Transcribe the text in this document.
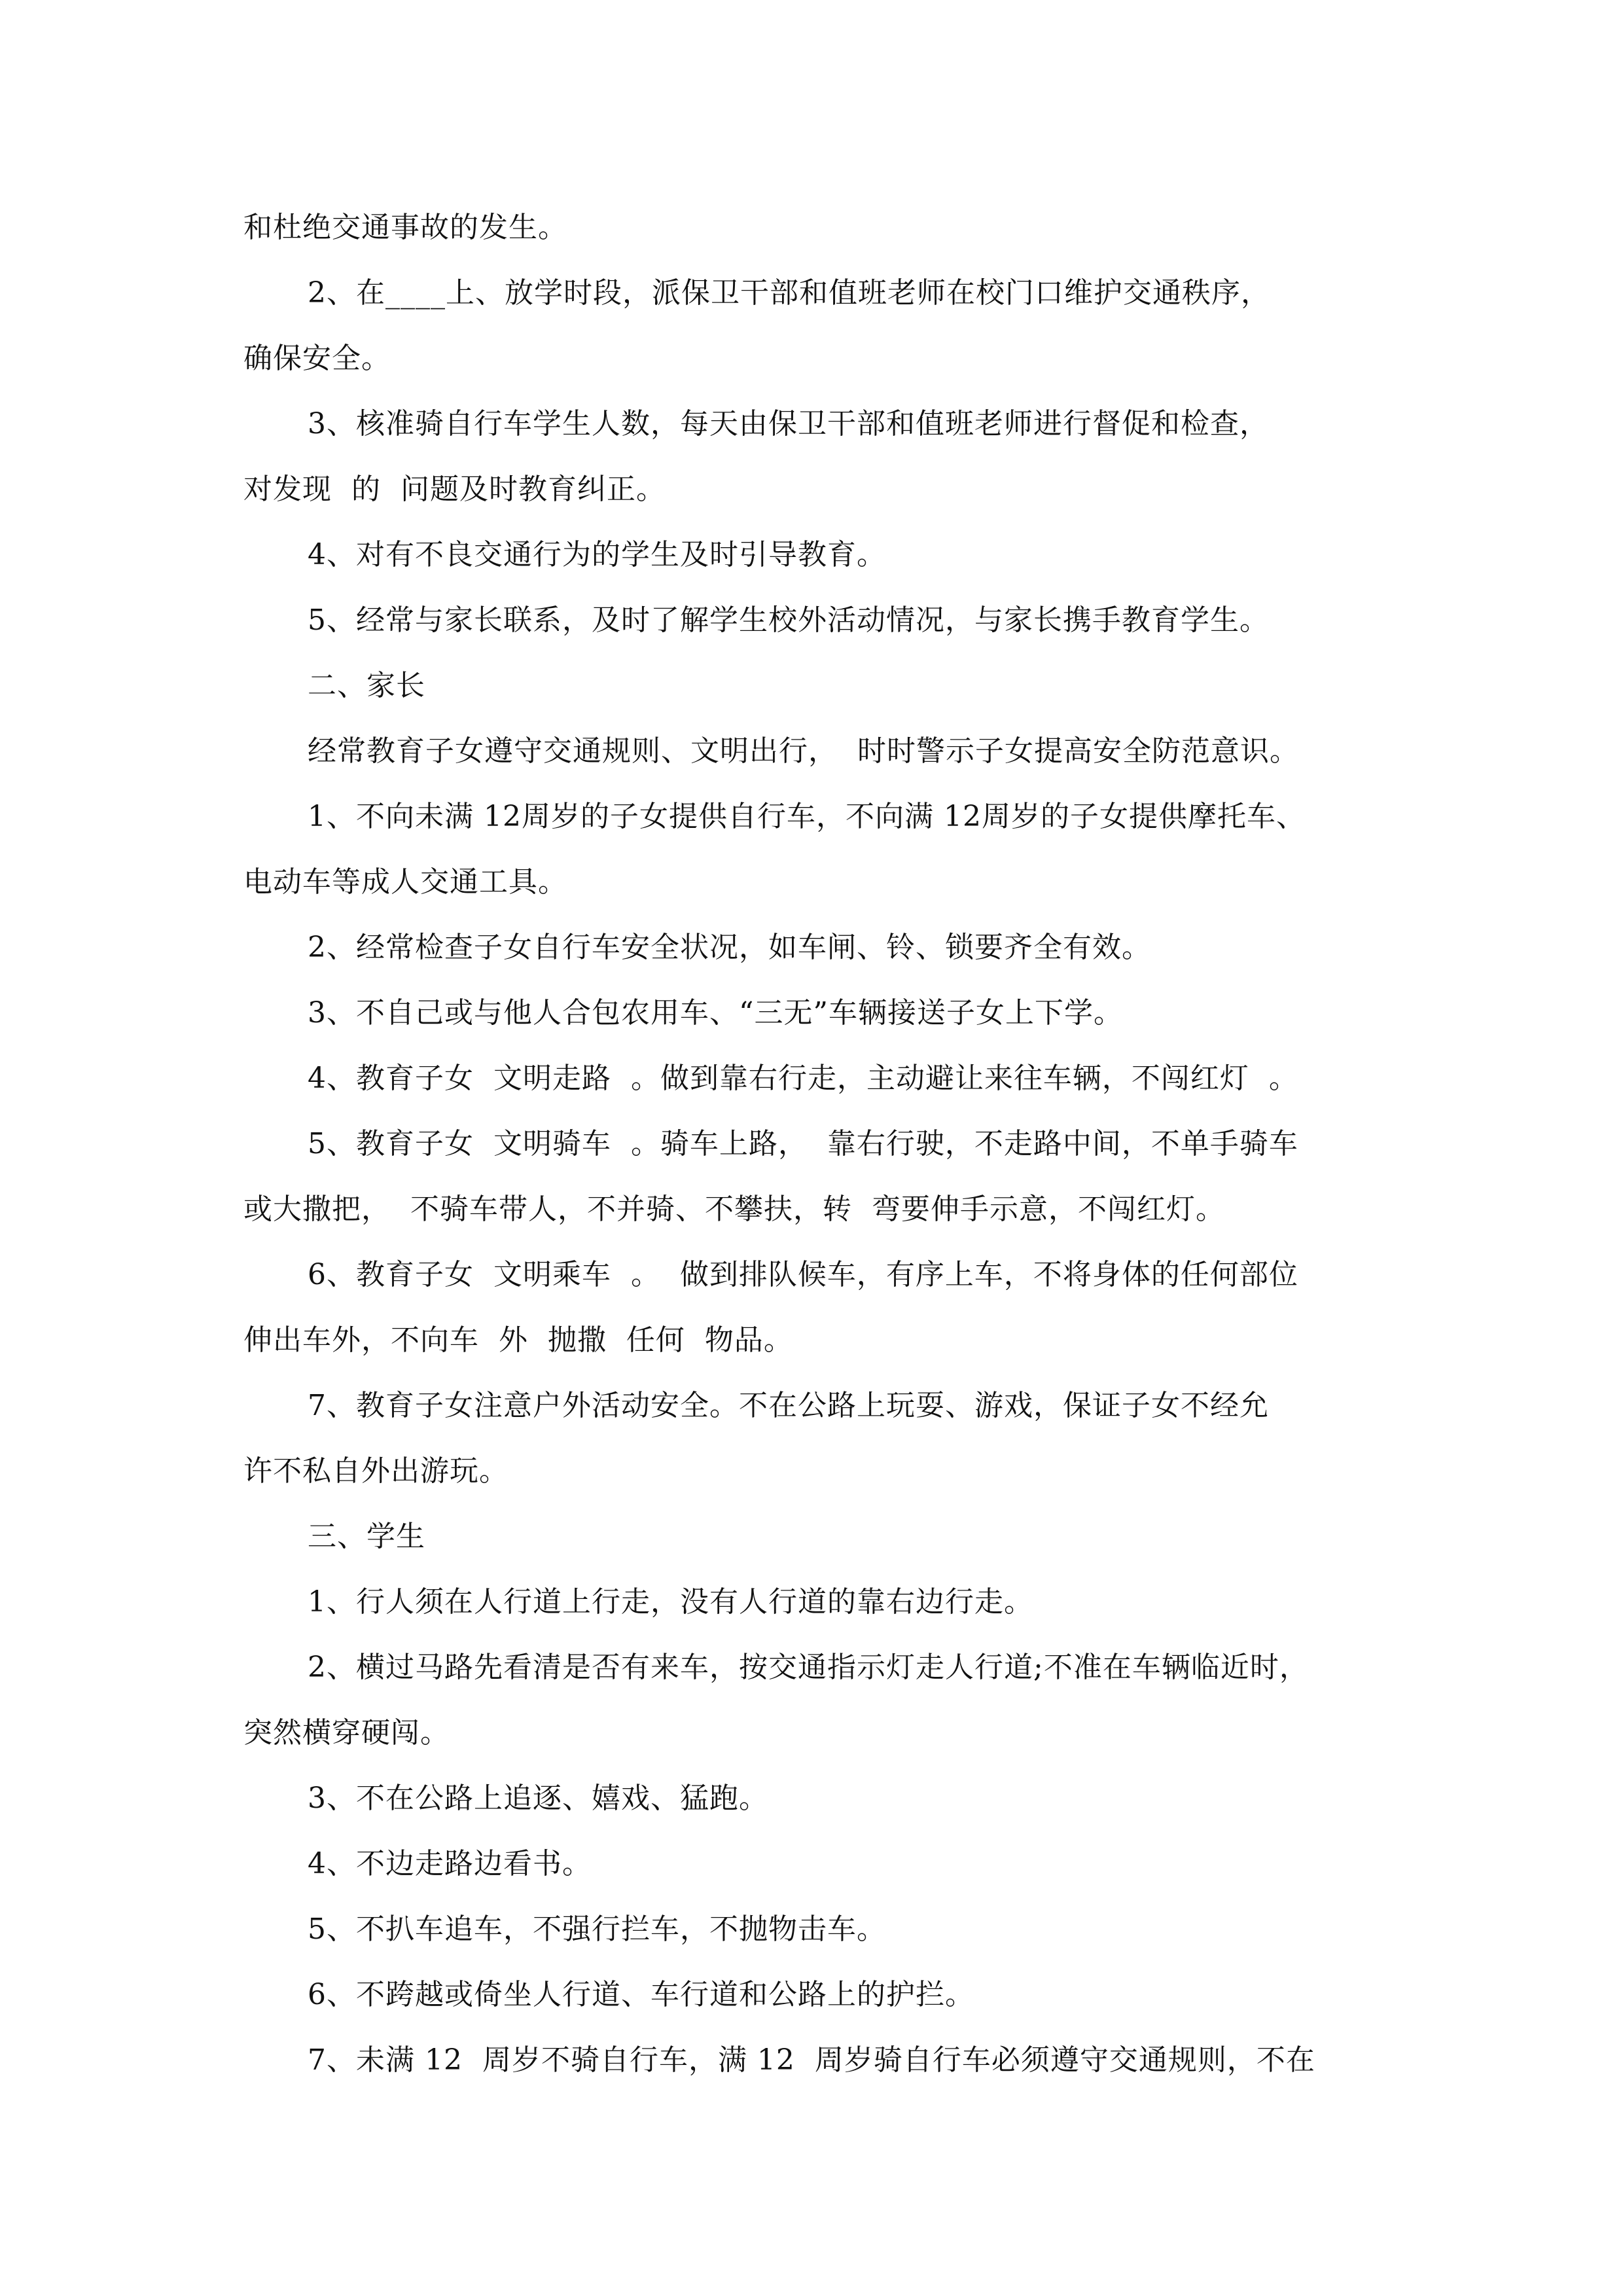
和杜绝交通事故的发生。
2、在____上、放学时段，派保卫干部和值班老师在校门口维护交通秩序，
确保安全。
3、核准骑自行车学生人数，每天由保卫干部和值班老师进行督促和检查，
对发现  的  问题及时教育纠正。
4、对有不良交通行为的学生及时引导教育。
5、经常与家长联系，及时了解学生校外活动情况，与家长携手教育学生。
二、家长
经常教育子女遵守交通规则、文明出行，  时时警示子女提高安全防范意识。
1、不向未满 12周岁的子女提供自行车，不向满 12周岁的子女提供摩托车、
电动车等成人交通工具。
2、经常检查子女自行车安全状况，如车闸、铃、锁要齐全有效。
3、不自己或与他人合包农用车、“三无”车辆接送子女上下学。
4、教育子女  文明走路  。做到靠右行走，主动避让来往车辆，不闯红灯  。
5、教育子女  文明骑车  。骑车上路，  靠右行驶，不走路中间，不单手骑车
或大撒把，  不骑车带人，不并骑、不攀扶，转  弯要伸手示意，不闯红灯。
6、教育子女  文明乘车  。  做到排队候车，有序上车，不将身体的任何部位
伸出车外，不向车  外  抛撒  任何  物品。
7、教育子女注意户外活动安全。不在公路上玩耍、游戏，保证子女不经允
许不私自外出游玩。
三、学生
1、行人须在人行道上行走，没有人行道的靠右边行走。
2、横过马路先看清是否有来车，按交通指示灯走人行道;不准在车辆临近时，
突然横穿硬闯。
3、不在公路上追逐、嬉戏、猛跑。
4、不边走路边看书。
5、不扒车追车，不强行拦车，不抛物击车。
6、不跨越或倚坐人行道、车行道和公路上的护拦。
7、未满 12  周岁不骑自行车，满 12  周岁骑自行车必须遵守交通规则，不在
